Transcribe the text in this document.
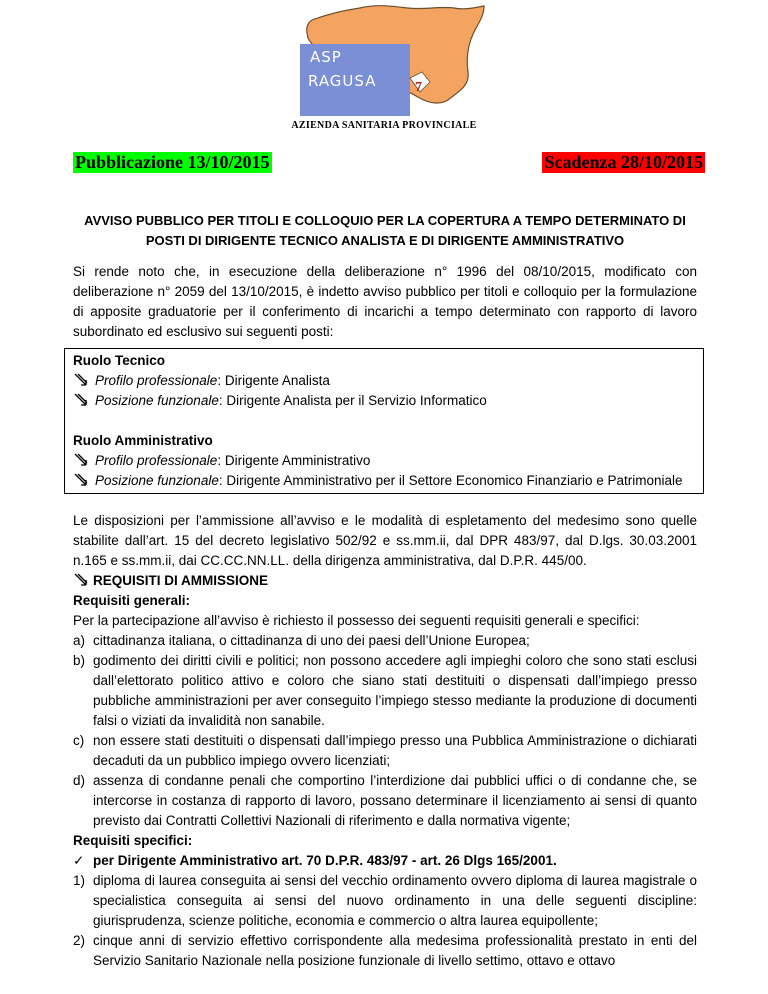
ASP
RAGUSA	7
AZIENDA SANITARIA PROVINCIALE
Pubblicazione 13/10/2015	Scadenza 28/10/2015
AVVISO PUBBLICO PER TITOLI E COLLOQUIO PER LA COPERTURA A TEMPO DETERMINATO DI POSTI DI DIRIGENTE TECNICO ANALISTA E DI DIRIGENTE AMMINISTRATIVO
Si rende noto che, in esecuzione della deliberazione n° 1996 del 08/10/2015, modificato con deliberazione n° 2059 del 13/10/2015, è indetto avviso pubblico per titoli e colloquio per la formulazione di apposite graduatorie per il conferimento di incarichi a tempo determinato con rapporto di lavoro subordinato ed esclusivo sui seguenti posti:
Ruolo Tecnico
Profilo professionale: Dirigente Analista
Posizione funzionale: Dirigente Analista per il Servizio Informatico
Ruolo Amministrativo
Profilo professionale: Dirigente Amministrativo
Posizione funzionale: Dirigente Amministrativo per il Settore Economico Finanziario e Patrimoniale
Le disposizioni per l’ammissione all’avviso e le modalità di espletamento del medesimo sono quelle stabilite dall’art. 15 del decreto legislativo 502/92 e ss.mm.ii, dal DPR 483/97, dal D.lgs. 30.03.2001 n.165 e ss.mm.ii, dai CC.CC.NN.LL. della dirigenza amministrativa, dal D.P.R. 445/00.
REQUISITI DI AMMISSIONE
Requisiti generali:
Per la partecipazione all’avviso è richiesto il possesso dei seguenti requisiti generali e specifici:
a) cittadinanza italiana, o cittadinanza di uno dei paesi dell’Unione Europea;
b) godimento dei diritti civili e politici; non possono accedere agli impieghi coloro che sono stati esclusi dall’elettorato politico attivo e coloro che siano stati destituiti o dispensati dall’impiego presso pubbliche amministrazioni per aver conseguito l’impiego stesso mediante la produzione di documenti falsi o viziati da invalidità non sanabile.
c) non essere stati destituiti o dispensati dall’impiego presso una Pubblica Amministrazione o dichiarati decaduti da un pubblico impiego ovvero licenziati;
d) assenza di condanne penali che comportino l’interdizione dai pubblici uffici o di condanne che, se intercorse in costanza di rapporto di lavoro, possano determinare il licenziamento ai sensi di quanto previsto dai Contratti Collettivi Nazionali di riferimento e dalla normativa vigente;
Requisiti specifici:
✓ per Dirigente Amministrativo art. 70 D.P.R. 483/97 - art. 26 Dlgs 165/2001.
1) diploma di laurea conseguita ai sensi del vecchio ordinamento ovvero diploma di laurea magistrale o specialistica conseguita ai sensi del nuovo ordinamento in una delle seguenti discipline: giurisprudenza, scienze politiche, economia e commercio o altra laurea equipollente;
2) cinque anni di servizio effettivo corrispondente alla medesima professionalità prestato in enti del Servizio Sanitario Nazionale nella posizione funzionale di livello settimo, ottavo e ottavo
